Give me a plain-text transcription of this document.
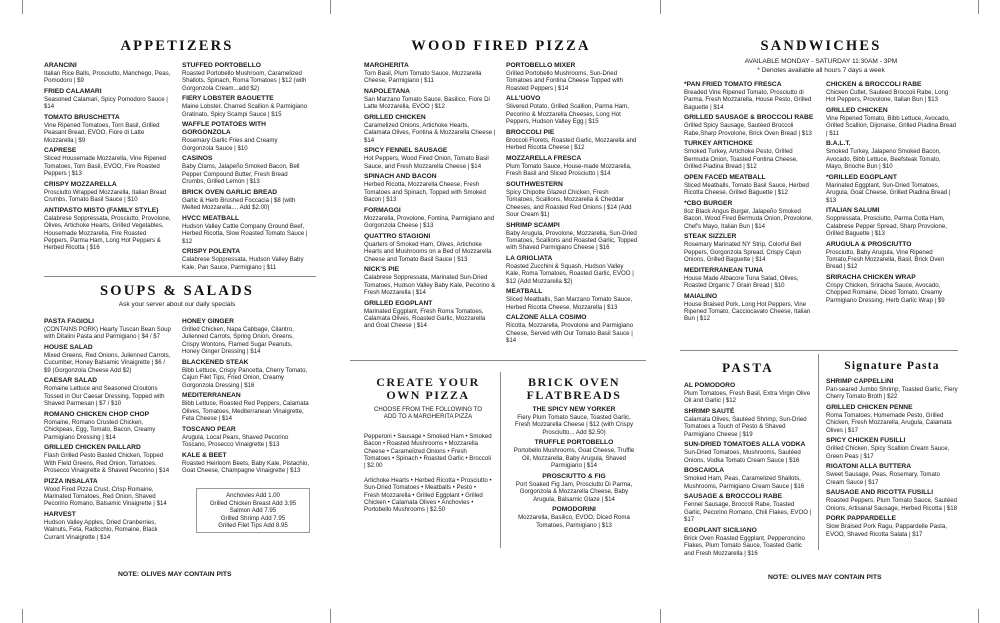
APPETIZERS
ARANCINI
Italian Rice Balls, Prosciutto, Manchego, Peas, Pomodoro | $9
FRIED CALAMARI
Seasoned Calamari, Spicy Pomodoro Sauce | $14
TOMATO BRUSCHETTA
Vine Ripened Tomatoes, Torn Basil, Grilled Peasant Bread, EVOO, Fiore di Latte Mozzarella | $9
CAPRESE
Sliced Housemade Mozzarella, Vine Ripened Tomatoes, Torn Basil, EVOO, Fire Roasted Peppers | $13
CRISPY MOZZARELLA
Prosciutto Wrapped Mozzarella, Italian Bread Crumbs, Tomato Basil Sauce | $10
ANTIPASTO MISTO (FAMILY STYLE)
Calabrese Soppressata, Prosciutto, Provolone, Olives, Artichoke Hearts, Grilled Vegetables, Housemade Mozzarella, Fire Roasted Peppers, Parma Ham, Long Hot Peppers & Herbed Ricotta | $16
STUFFED PORTOBELLO
Roasted Portobello Mushroom, Caramelized Shallots, Spinach, Roma Tomatoes | $12 (with Gorgonzola Cream...add $2)
FIERY LOBSTER BAGUETTE
Maine Lobster, Charred Scallion & Parmigiano Gratinato, Spicy Scampi Sauce | $15
WAFFLE POTATOES WITH GORGONZOLA
Rosemary Garlic Fries and Creamy Gorgonzola Sauce | $10
CASINOS
Baby Clams, Jalapeño Smoked Bacon, Bell Pepper Compound Butter, Fresh Bread Crumbs, Grilled Lemon | $13
BRICK OVEN GARLIC BREAD
Garlic & Herb Brushed Foccacia | $8 (with Melted Mozzarella.... Add $2.00)
HVCC MEATBALL
Hudson Valley Cattle Company Ground Beef, Herbed Ricotta, Slow Roasted Tomato Sauce | $12
CRISPY POLENTA
Calabrese Soppressata, Hudson Valley Baby Kale, Pan Sauce, Parmigiano | $11
SOUPS & SALADS
Ask your server about our daily specials
PASTA FAGIOLI
(CONTAINS PORK) Hearty Tuscan Bean Soup with Ditalini Pasta and Parmigiano | $4 / $7
HOUSE SALAD
Mixed Greens, Red Onions, Julienned Carrots, Cucumber, Honey Balsamic Vinaigrette | $6 / $9 (Gorgonzola Cheese Add $2)
CAESAR SALAD
Romaine Lettuce and Seasoned Croutons Tossed in Our Caesar Dressing, Topped with Shaved Parmesan | $7 / $10
ROMANO CHICKEN CHOP CHOP
Romaine, Romano Crusted Chicken, Chickpeas, Egg, Tomato, Bacon, Creamy Parmigiano Dressing | $14
GRILLED CHICKEN PAILLARD
Flash Grilled Pesto Basted Chicken, Topped With Field Greens, Red Onion, Tomatoes, Prosecco Vinaigrette & Shaved Pecorino | $14
PIZZA INSALATA
Wood Fired Pizza Crust, Crisp Romaine, Marinated Tomatoes, Red Onion, Shaved Pecorino Romano, Balsamic Vinaigrette | $14
HARVEST
Hudson Valley Apples, Dried Cranberries, Walnuts, Feta, Radicchio, Romaine, Black Currant Vinaigrette | $14
HONEY GINGER
Grilled Chicken, Napa Cabbage, Cilantro, Julienned Carrots, Spring Onion, Greens, Crispy Wontons, Flamed Sugar Peanuts, Honey Ginger Dressing | $14
BLACKENED STEAK
Bibb Lettuce, Crispy Pancetta, Cherry Tomato, Cajun Filet Tips, Fried Onion, Creamy Gorgonzola Dressing | $16
MEDITERRANEAN
Bibb Lettuce, Roasted Red Peppers, Calamata Olives, Tomatoes, Mediterranean Vinaigrette, Feta Cheese | $14
TOSCANO PEAR
Arugula, Local Pears, Shaved Pecorino Toscano, Prosecco Vinaigrette | $13
KALE & BEET
Roasted Heirloom Beets, Baby Kale, Pistachio, Goat Cheese, Champagne Vinaigrette | $13
Anchovies Add 1.00
Grilled Chicken Breast Add 3.95
Salmon Add 7.95
Grilled Shrimp Add 7.95
Grilled Filet Tips Add 8.95
NOTE: OLIVES MAY CONTAIN PITS
WOOD FIRED PIZZA
MARGHERITA
Torn Basil, Plum Tomato Sauce, Mozzarella Cheese, Parmigiano | $11
NAPOLETANA
San Marzano Tomato Sauce, Basilico, Fiore Di Latte Mozzarella, EVOO | $12
GRILLED CHICKEN
Caramelized Onions, Artichoke Hearts, Calamata Olives, Fontina & Mozzarella Cheese | $14
SPICY FENNEL SAUSAGE
Hot Peppers, Wood Fired Onion, Tomato Basil Sauce, and Fresh Mozzarella Cheese | $14
SPINACH AND BACON
Herbed Ricotta, Mozzarella Cheese, Fresh Tomatoes and Spinach, Topped with Smoked Bacon | $13
FORMAGGI
Mozzarella, Provolone, Fontina, Parmigiano and Gorgonzola Cheese | $13
QUATTRO STAGIONI
Quarters of Smoked Ham, Olives, Artichoke Hearts and Mushrooms on a Bed of Mozzarella Cheese and Tomato Basil Sauce | $13
NICK'S PIE
Calabrese Soppressata, Marinated Sun-Dried Tomatoes, Hudson Valley Baby Kale, Pecorino & Fresh Mozzarella | $14
GRILLED EGGPLANT
Marinated Eggplant, Fresh Roma Tomatoes, Calamata Olives, Roasted Garlic, Mozzarella and Goat Cheese | $14
PORTOBELLO MIXER
Grilled Portobello Mushrooms, Sun-Dried Tomatoes and Fontina Cheese Topped with Roasted Peppers | $14
ALL'UOVO
Slivered Potato, Grilled Scallion, Parma Ham, Pecorino & Mozzarella Cheeses, Long Hot Peppers, Hudson Valley Egg | $15
BROCCOLI PIE
Broccoli Florets, Roasted Garlic, Mozzarella and Herbed Ricotta Cheese | $12
MOZZARELLA FRESCA
Plum Tomato Sauce, House-made Mozzarella, Fresh Basil and Sliced Prosciutto | $14
SOUTHWESTERN
Spicy Chipotle Glazed Chicken, Fresh Tomatoes, Scallions, Mozzarella & Cheddar Cheeses, and Roasted Red Onions | $14 (Add Sour Cream $1)
SHRIMP SCAMPI
Baby Arugula, Provolone, Mozzarella, Sun-Dried Tomatoes, Scallions and Roasted Garlic, Topped with Shaved Parmigiano Cheese | $16
LA GRIGLIATA
Roasted Zucchini & Squash, Hudson Valley Kale, Roma Tomatoes, Roasted Garlic, EVOO | $12 (Add Mozzarella $2)
MEATBALL
Sliced Meatballs, San Marzano Tomato Sauce, Herbed Ricotta Cheese, Mozzarella | $13
CALZONE ALLA COSIMO
Ricotta, Mozzarella, Provolone and Parmigiano Cheese, Served with Our Tomato Basil Sauce | $14
CREATE YOUR
OWN PIZZA
CHOOSE FROM THE FOLLOWING TO ADD TO A MARGHERITA PIZZA
Pepperoni • Sausage • Smoked Ham • Smoked Bacon • Roasted Mushrooms • Mozzarella Cheese • Caramelized Onions • Fresh Tomatoes • Spinach • Roasted Garlic • Broccoli | $2.00
Artichoke Hearts • Herbed Ricotta • Prosciutto • Sun-Dried Tomatoes • Meatballs • Pesto • Fresh Mozzarella • Grilled Eggplant • Grilled Chicken • Calamata Olives • Anchovies • Portobello Mushrooms | $2.50
BRICK OVEN
FLATBREADS
THE SPICY NEW YORKER
Fiery Plum Tomato Sauce, Toasted Garlic, Fresh Mozzarella Cheese | $12 (with Crispy Prosciutto... Add $2.50)
TRUFFLE PORTOBELLO
Portobello Mushrooms, Goat Cheese, Truffle Oil, Mozzarella, Baby Arugula, Shaved Parmigiano | $14
PROSCIUTTO & FIG
Port Soaked Fig Jam, Prosciutto Di Parma, Gorgonzola & Mozzarella Cheese, Baby Arugula, Balsamic Glaze | $14
POMODORINI
Mozzarella, Basilico, EVOO, Diced Roma Tomatoes, Parmigiano | $13
SANDWICHES
AVAILABLE MONDAY - SATURDAY 11:30AM - 3PM
* Denotes available all hours 7 days a week
*PAN FRIED TOMATO FRESCA
Breaded Vine Ripened Tomato, Prosciutto di Parma, Fresh Mozzarella, House Pesto, Grilled Baguette | $14
GRILLED SAUSAGE & BROCCOLI RABE
Grilled Spicy Sausage, Sautéed Broccoli Rabe,Sharp Provolone, Brick Oven Bread | $13
TURKEY ARTICHOKE
Smoked Turkey, Artichoke Pesto, Grilled Bermuda Onion, Toasted Fontina Cheese, Grilled Piadina Bread | $12
OPEN FACED MEATBALL
Sliced Meatballs, Tomato Basil Sauce, Herbed Ricotta Cheese, Grilled Baguette | $12
*CBO BURGER
8oz Black Angus Burger, Jalapeño Smoked Bacon, Wood Fired Bermuda Onion, Provolone, Chef's Mayo, Italian Bun | $14
STEAK SIZZLER
Rosemary Marinated NY Strip, Colorful Bell Peppers, Gorgonzola Spread, Crispy Cajun Onions, Grilled Baguette | $14
MEDITERRANEAN TUNA
House Made Albacore Tuna Salad, Olives, Roasted Organic 7 Grain Bread | $10
MAIALINO
House Braised Pork, Long Hot Peppers, Vine Ripened Tomato, Cacciocavalo Cheese, Italian Bun | $12
CHICKEN & BROCCOLI RABE
Chicken Cutlet, Sauteed Broccoli Rabe, Long Hot Peppers, Provolone, Italian Bun | $13
GRILLED CHICKEN
Vine Ripened Tomato, Bibb Lettuce, Avocado, Grilled Scallion, Dijonaise, Grilled Piadina Bread | $11
B.A.L.T.
Smoked Turkey, Jalapeno Smoked Bacon, Avocado, Bibb Lettuce, Beefsteak Tomato, Mayo, Brioche Bun | $10
*GRILLED EGGPLANT
Marinated Eggplant, Sun-Dried Tomatoes, Arugula, Goat Cheese, Grilled Piadina Bread | $13
ITALIAN SALUMI
Soppressata, Prosciutto, Parma Cotta Ham, Calabrese Pepper Spread, Sharp Provolone, Grilled Baguette | $13
ARUGULA & PROSCIUTTO
Prosciutto, Baby Arugula, Vine Ripened Tomato,Fresh Mozzarella, Basil, Brick Oven Bread | $12
SRIRACHA CHICKEN WRAP
Crispy Chicken, Sriracha Sauce, Avocado, Chopped Romaine, Diced Tomato, Creamy Parmigiano Dressing, Herb Garlic Wrap | $9
PASTA
AL POMODORO
Plum Tomatoes, Fresh Basil, Extra Virgin Olive Oil and Garlic | $12
SHRIMP SAUTÉ
Calamata Olives, Sautéed Shrimp, Sun-Dried Tomatoes a Touch of Pesto & Shaved Parmigiano Cheese | $19
SUN-DRIED TOMATOES ALLA VODKA
Sun-Dried Tomatoes, Mushrooms, Sautéed Onions, Vodka Tomato Cream Sauce | $16
BOSCAIOLA
Smoked Ham, Peas, Caramelized Shallots, Mushrooms, Parmigiano Cream Sauce | $16
SAUSAGE & BROCCOLI RABE
Fennel Sausage, Broccoli Rabe, Toasted Garlic, Pecorino Romano, Chili Flakes, EVOO | $17
EGGPLANT SICILIANO
Brick Oven Roasted Eggplant, Pepperoncino Flakes, Plum Tomato Sauce, Toasted Garlic and Fresh Mozzarella | $16
Signature Pasta
SHRIMP CAPPELLINI
Pan-seared Jumbo Shrimp, Toasted Garlic, Fiery Cherry Tomato Broth | $22
GRILLED CHICKEN PENNE
Roma Tomatoes, Homemade Pesto, Grilled Chicken, Fresh Mozzarella, Arugula, Calamata Olives | $17
SPICY CHICKEN FUSILLI
Grilled Chicken, Spicy Scallion Cream Sauce, Green Peas | $17
RIGATONI ALLA BUTTERA
Sweet Sausage, Peas, Rosemary, Tomato Cream Sauce | $17
SAUSAGE AND RICOTTA FUSILLI
Roasted Peppers, Plum Tomato Sauce, Sautéed Onions, Artisanal Sausage, Herbed Ricotta | $18
PORK PAPPARDELLE
Slow Braised Pork Ragu, Pappardelle Pasta, EVOO, Shaved Ricotta Salata | $17
NOTE: OLIVES MAY CONTAIN PITS
